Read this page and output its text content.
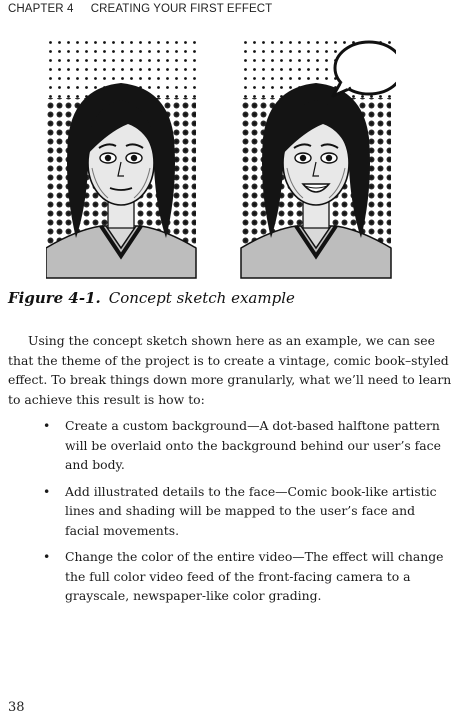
CHAPTER 4 CREATING YOUR FIRST EFFECT
Figure 4-1. Concept sketch example

Using the concept sketch shown here as an example, we can see that the theme of the project is to create a vintage, comic book–styled effect. To break things down more granularly, what we’ll need to learn to achieve this result is how to:

• Create a custom background—A dot-based halftone pattern will be overlaid onto the background behind our user’s face and body.
• Add illustrated details to the face—Comic book-like artistic lines and shading will be mapped to the user’s face and facial movements.
• Change the color of the entire video—The effect will change the full color video feed of the front-facing camera to a grayscale, newspaper-like color grading.
38
